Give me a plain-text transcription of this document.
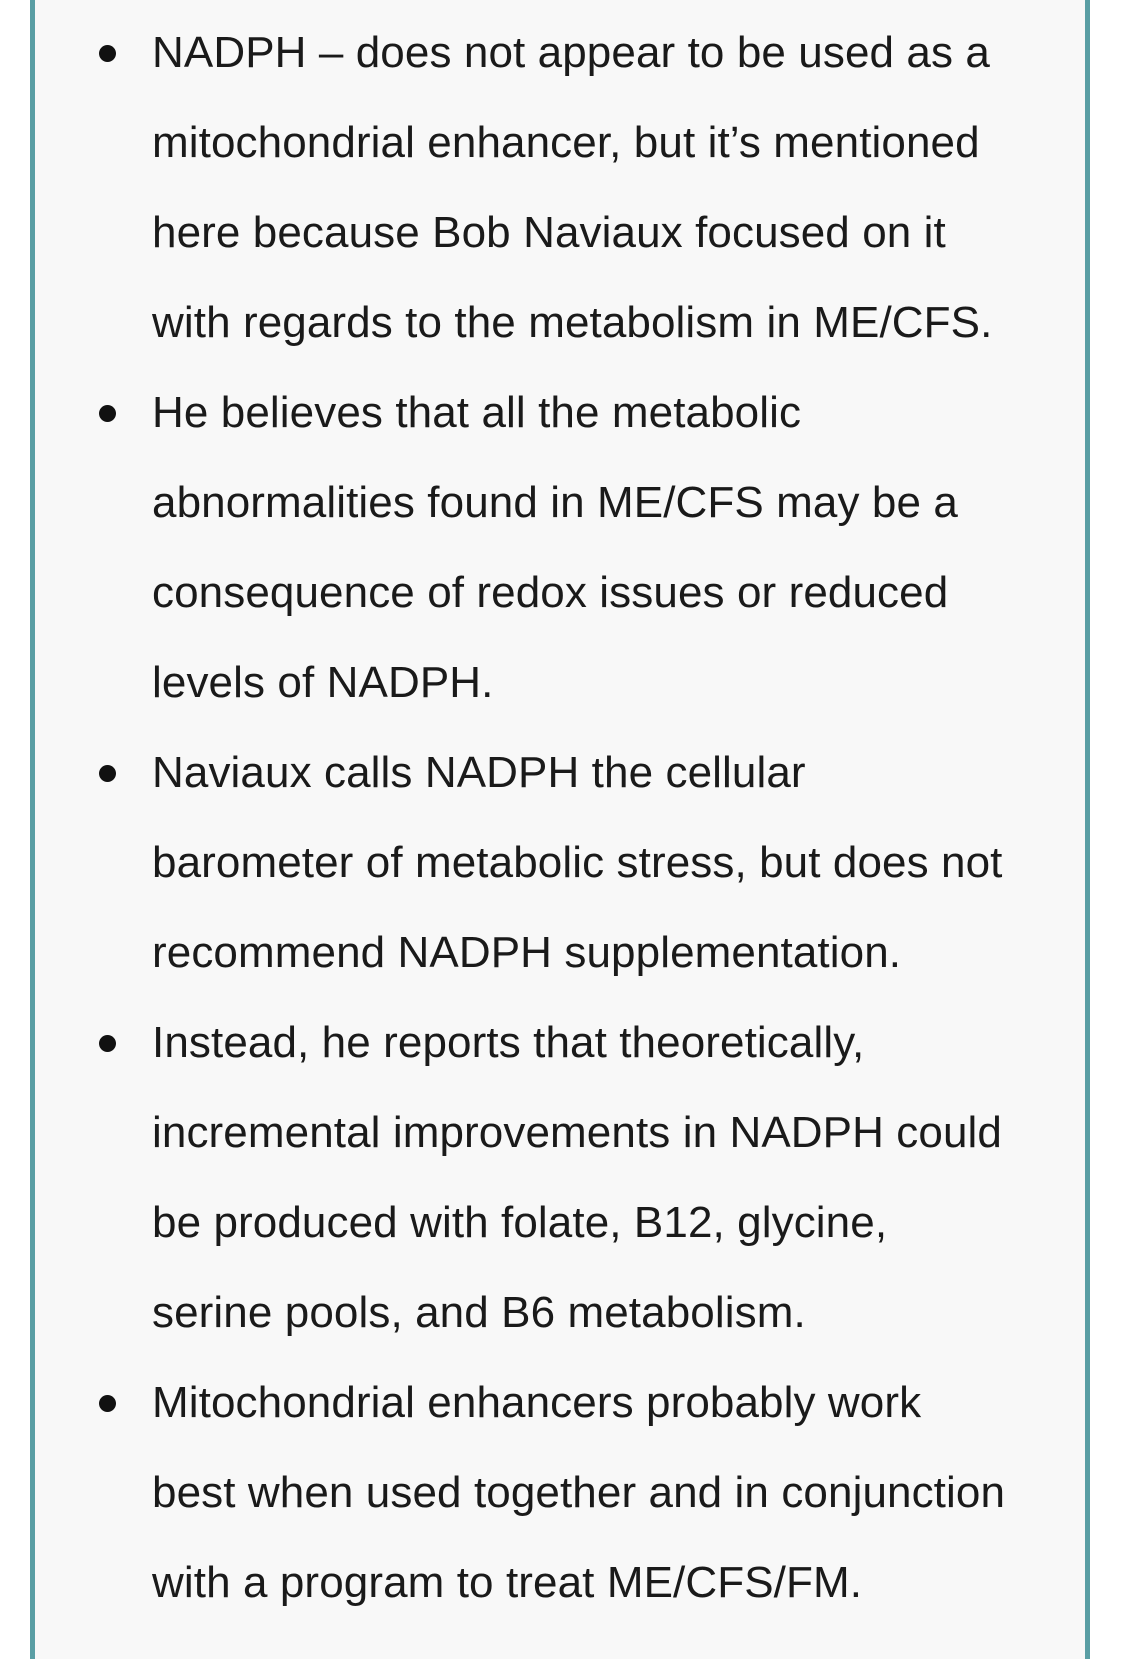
NADPH – does not appear to be used as a
mitochondrial enhancer, but it’s mentioned
here because Bob Naviaux focused on it
with regards to the metabolism in ME/CFS.
He believes that all the metabolic
abnormalities found in ME/CFS may be a
consequence of redox issues or reduced
levels of NADPH.
Naviaux calls NADPH the cellular
barometer of metabolic stress, but does not
recommend NADPH supplementation.
Instead, he reports that theoretically,
incremental improvements in NADPH could
be produced with folate, B12, glycine,
serine pools, and B6 metabolism.
Mitochondrial enhancers probably work
best when used together and in conjunction
with a program to treat ME/CFS/FM.
